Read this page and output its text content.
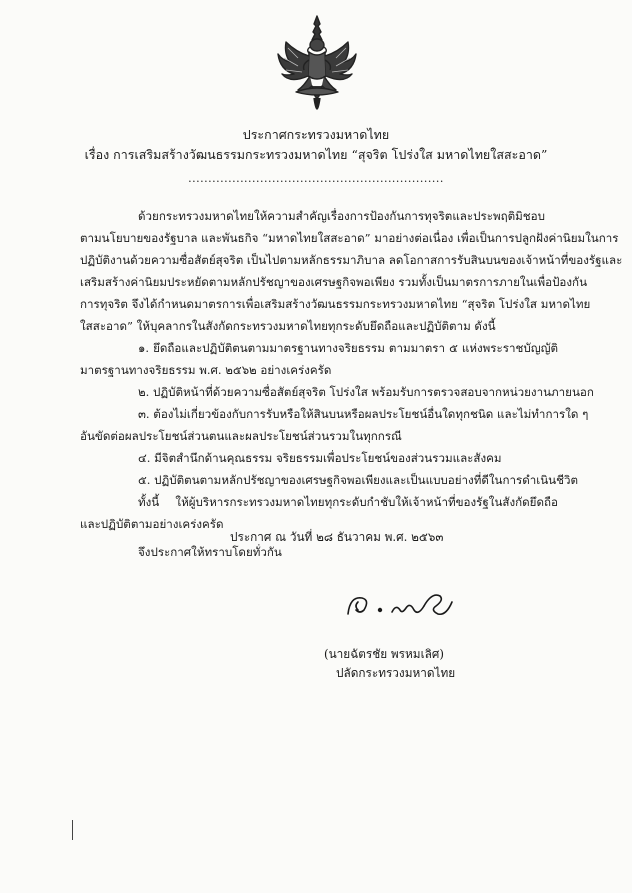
ประกาศกระทรวงมหาดไทย
เรื่อง การเสริมสร้างวัฒนธรรมกระทรวงมหาดไทย “สุจริต โปร่งใส มหาดไทยใสสะอาด”
................................................................
ด้วยกระทรวงมหาดไทยให้ความสำคัญเรื่องการป้องกันการทุจริตและประพฤติมิชอบ
ตามนโยบายของรัฐบาล และพันธกิจ “มหาดไทยใสสะอาด” มาอย่างต่อเนื่อง เพื่อเป็นการปลูกฝังค่านิยมในการ
ปฏิบัติงานด้วยความซื่อสัตย์สุจริต เป็นไปตามหลักธรรมาภิบาล ลดโอกาสการรับสินบนของเจ้าหน้าที่ของรัฐและ
เสริมสร้างค่านิยมประหยัดตามหลักปรัชญาของเศรษฐกิจพอเพียง รวมทั้งเป็นมาตรการภายในเพื่อป้องกัน
การทุจริต จึงได้กำหนดมาตรการเพื่อเสริมสร้างวัฒนธรรมกระทรวงมหาดไทย “สุจริต โปร่งใส มหาดไทย
ใสสะอาด” ให้บุคลากรในสังกัดกระทรวงมหาดไทยทุกระดับยึดถือและปฏิบัติตาม ดังนี้
๑. ยึดถือและปฏิบัติตนตามมาตรฐานทางจริยธรรม ตามมาตรา ๕ แห่งพระราชบัญญัติ
มาตรฐานทางจริยธรรม พ.ศ. ๒๕๖๒ อย่างเคร่งครัด
๒. ปฏิบัติหน้าที่ด้วยความซื่อสัตย์สุจริต โปร่งใส พร้อมรับการตรวจสอบจากหน่วยงานภายนอก
๓. ต้องไม่เกี่ยวข้องกับการรับหรือให้สินบนหรือผลประโยชน์อื่นใดทุกชนิด และไม่ทำการใด ๆ
อันขัดต่อผลประโยชน์ส่วนตนและผลประโยชน์ส่วนรวมในทุกกรณี
๔. มีจิตสำนึกด้านคุณธรรม จริยธรรมเพื่อประโยชน์ของส่วนรวมและสังคม
๕. ปฏิบัติตนตามหลักปรัชญาของเศรษฐกิจพอเพียงและเป็นแบบอย่างที่ดีในการดำเนินชีวิต
ทั้งนี้ ให้ผู้บริหารกระทรวงมหาดไทยทุกระดับกำชับให้เจ้าหน้าที่ของรัฐในสังกัดยึดถือ
และปฏิบัติตามอย่างเคร่งครัด
จึงประกาศให้ทราบโดยทั่วกัน
ประกาศ ณ วันที่ ๒๘ ธันวาคม พ.ศ. ๒๕๖๓
(นายฉัตรชัย พรหมเลิศ)
ปลัดกระทรวงมหาดไทย
